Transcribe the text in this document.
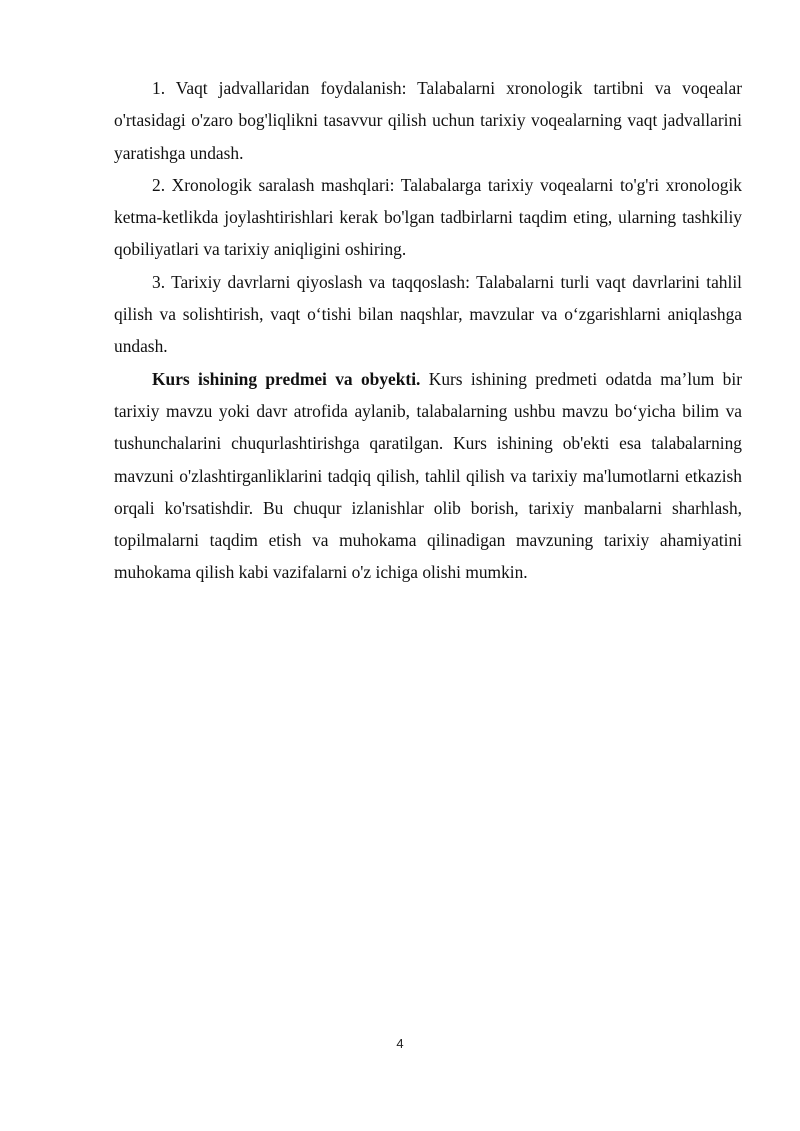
1. Vaqt jadvallaridan foydalanish: Talabalarni xronologik tartibni va voqealar o'rtasidagi o'zaro bog'liqlikni tasavvur qilish uchun tarixiy voqealarning vaqt jadvallarini yaratishga undash.

2. Xronologik saralash mashqlari: Talabalarga tarixiy voqealarni to'g'ri xronologik ketma-ketlikda joylashtirishlari kerak bo'lgan tadbirlarni taqdim eting, ularning tashkiliy qobiliyatlari va tarixiy aniqligini oshiring.

3. Tarixiy davrlarni qiyoslash va taqqoslash: Talabalarni turli vaqt davrlarini tahlil qilish va solishtirish, vaqt o‘tishi bilan naqshlar, mavzular va o‘zgarishlarni aniqlashga undash.

Kurs ishining predmei va obyekti. Kurs ishining predmeti odatda maʼlum bir tarixiy mavzu yoki davr atrofida aylanib, talabalarning ushbu mavzu bo‘yicha bilim va tushunchalarini chuqurlashtirishga qaratilgan. Kurs ishining ob'ekti esa talabalarning mavzuni o'zlashtirganliklarini tadqiq qilish, tahlil qilish va tarixiy ma'lumotlarni etkazish orqali ko'rsatishdir. Bu chuqur izlanishlar olib borish, tarixiy manbalarni sharhlash, topilmalarni taqdim etish va muhokama qilinadigan mavzuning tarixiy ahamiyatini muhokama qilish kabi vazifalarni o'z ichiga olishi mumkin.

4
